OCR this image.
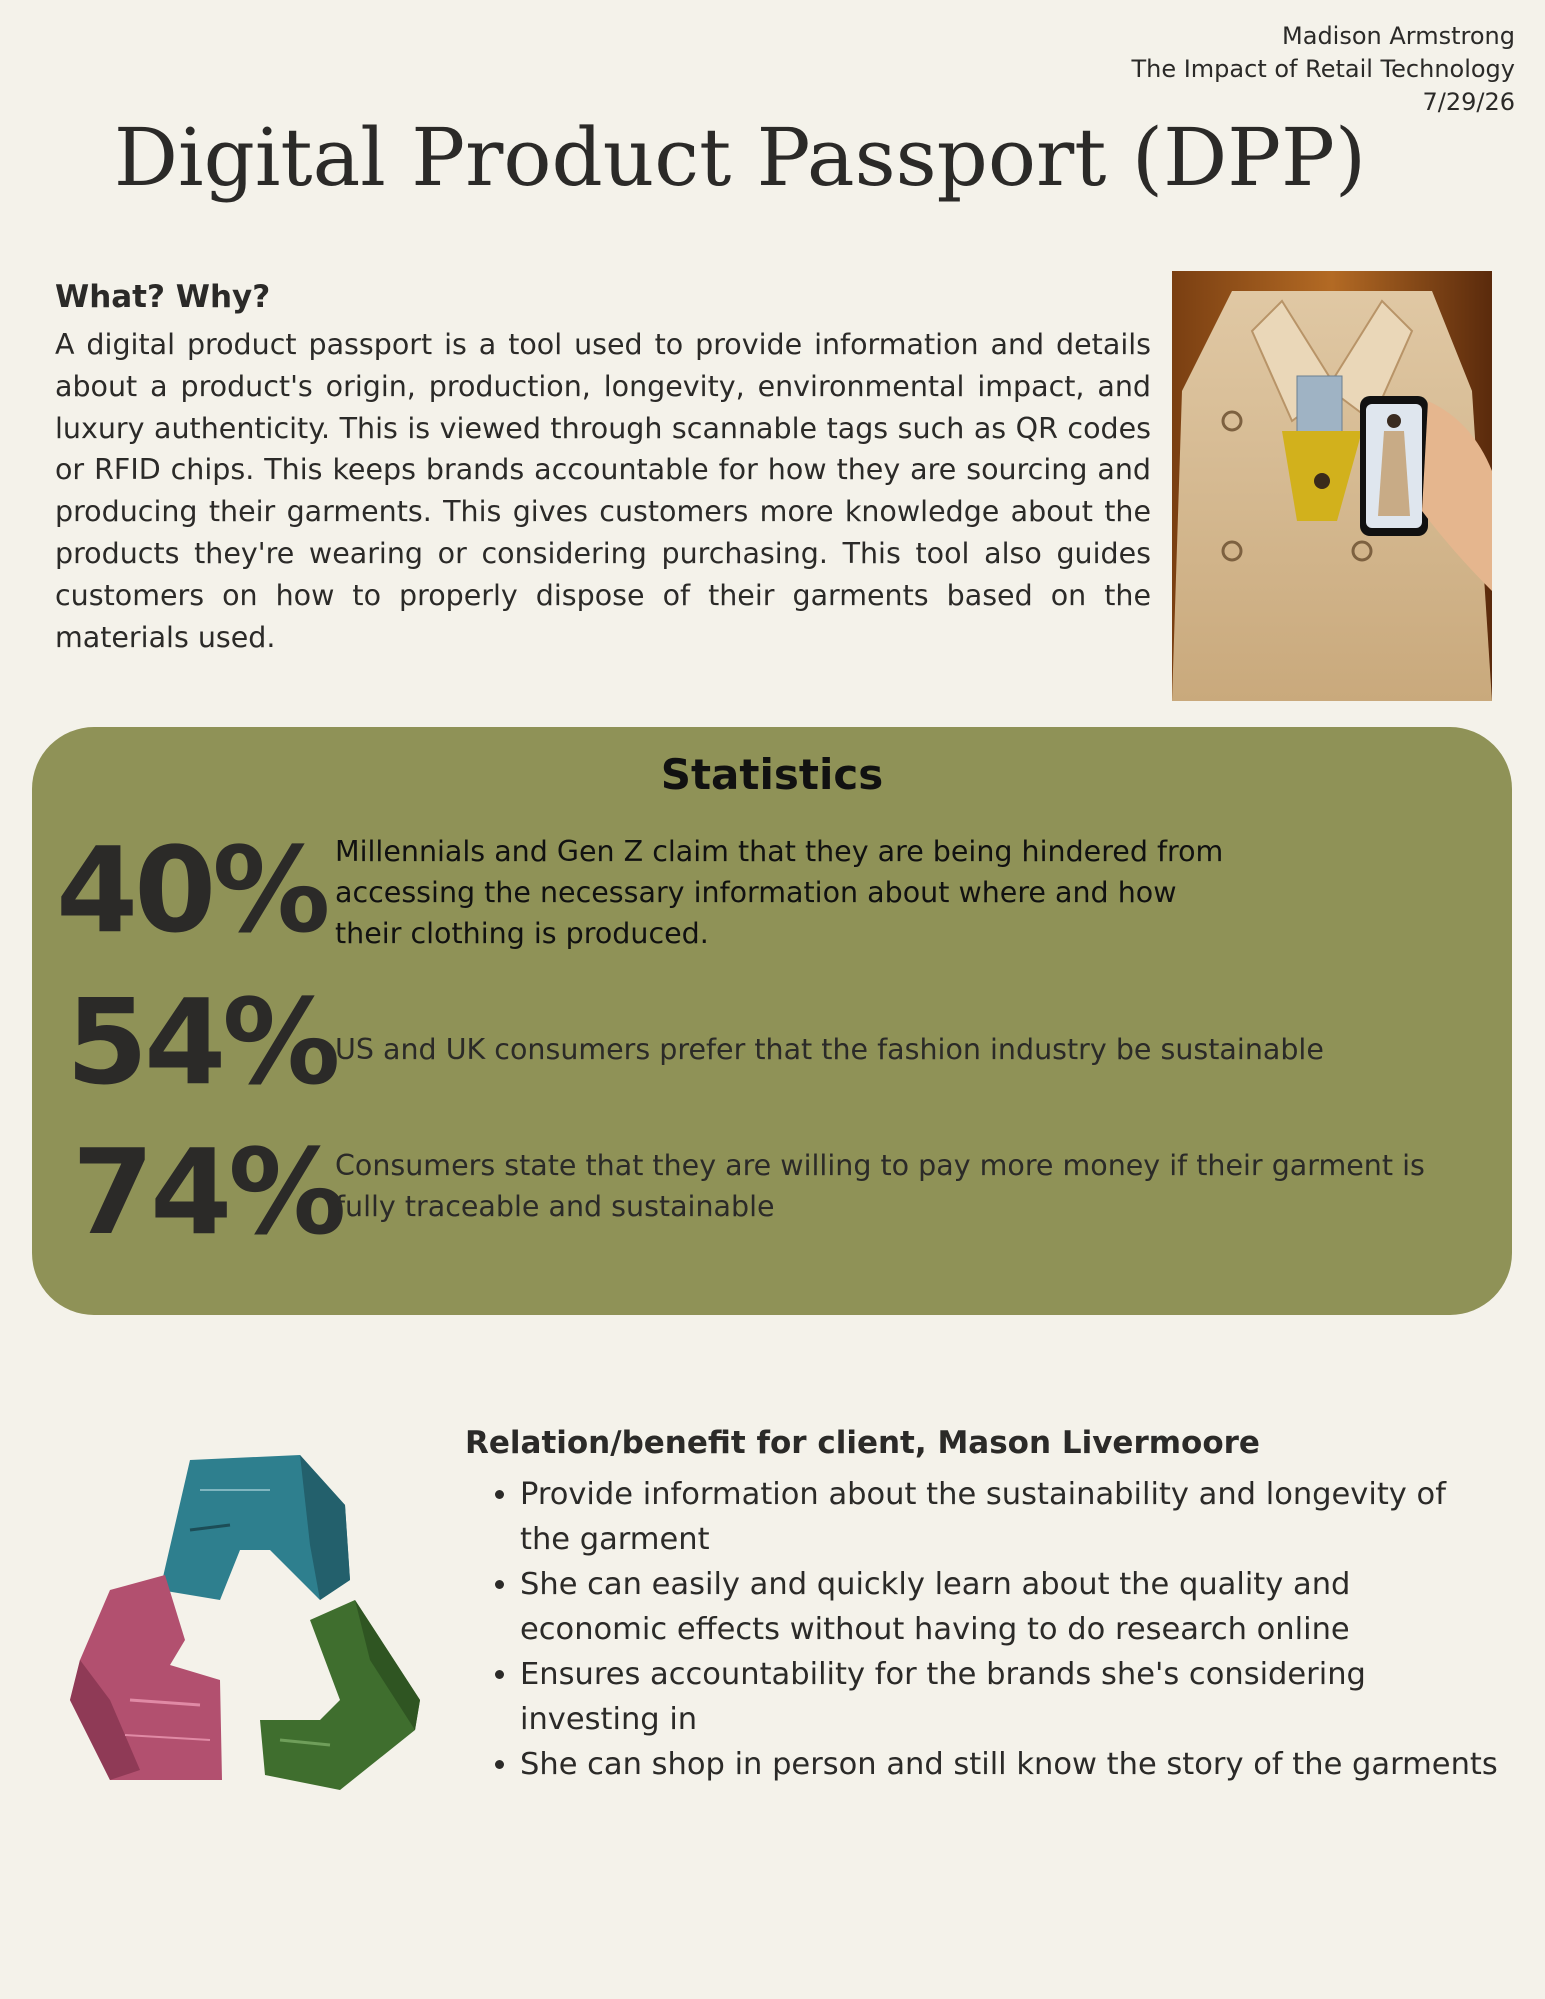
Madison Armstrong
The Impact of Retail Technology
7/29/26
Digital Product Passport (DPP)
What? Why?

A digital product passport is a tool used to provide information and details about a product's origin, production, longevity, environmental impact, and luxury authenticity. This is viewed through scannable tags such as QR codes or RFID chips. This keeps brands accountable for how they are sourcing and producing their garments. This gives customers more knowledge about the products they're wearing or considering purchasing. This tool also guides customers on how to properly dispose of their garments based on the materials used.

Statistics
40% Millennials and Gen Z claim that they are being hindered from accessing the necessary information about where and how their clothing is produced.
54%
US and UK consumers prefer that the fashion industry be sustainable
74%
Consumers state that they are willing to pay more money if their garment is fully traceable and sustainable
Relation/benefit for client, Mason Livermoore
• Provide information about the sustainability and longevity of the garment
• She can easily and quickly learn about the quality and economic effects without having to do research online
• Ensures accountability for the brands she's considering investing in
• She can shop in person and still know the story of the garments
